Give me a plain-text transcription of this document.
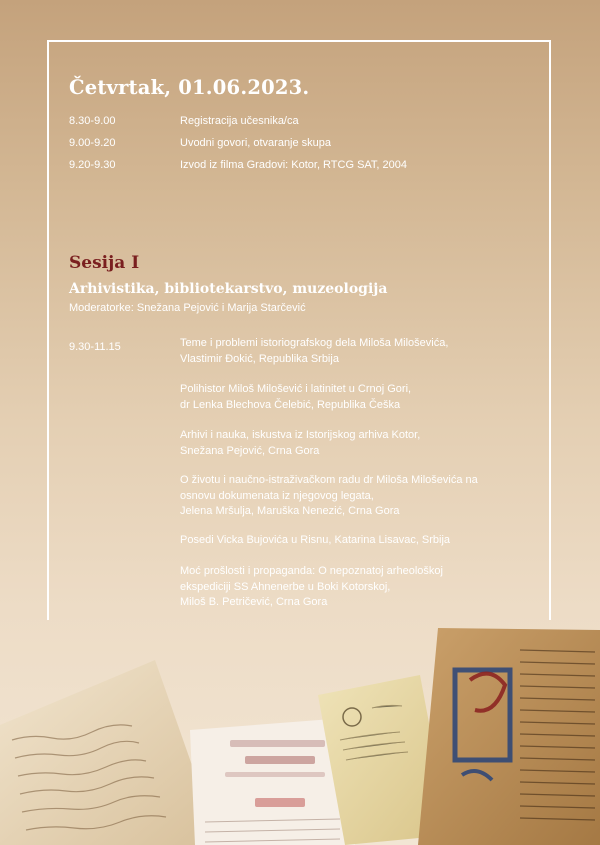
Četvrtak, 01.06.2023.
8.30-9.00	Registracija učesnika/ca
9.00-9.20	Uvodni govori, otvaranje skupa
9.20-9.30	Izvod iz filma Gradovi: Kotor, RTCG SAT, 2004
Sesija I
Arhivistika, bibliotekarstvo, muzeologija
Moderatorke: Snežana Pejović i Marija Starčević
9.30-11.15	Teme i problemi istoriografskog dela Miloša Miloševića,
Vlastimir Đokić, Republika Srbija
Polihistor Miloš Milošević i latinitet u Crnoj Gori,
dr Lenka Blechova Čelebić, Republika Češka
Arhivi i nauka, iskustva iz Istorijskog arhiva Kotor,
Snežana Pejović, Crna Gora
O životu i naučno-istraživačkom radu dr Miloša Miloševića na
osnovu dokumenata iz njegovog legata,
Jelena Mršulja, Maruška Nenezić, Crna Gora
Posedi Vicka Bujovića u Risnu, Katarina Lisavac, Srbija
Moć prošlosti i propaganda: O nepoznatoj arheološkoj
ekspediciji SS Ahnenerbe u Boki Kotorskoj,
Miloš B. Petričević, Crna Gora
